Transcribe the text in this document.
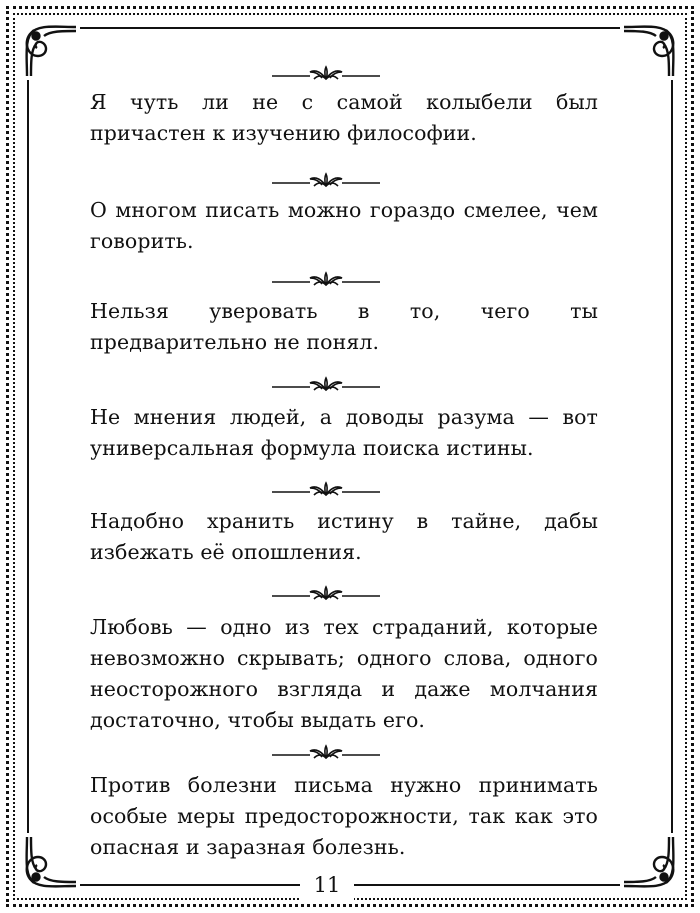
Я чуть ли не с самой колыбели был причастен к изучению философии.
О многом писать можно гораздо смелее, чем говорить.
Нельзя уверовать в то, чего ты предварительно не понял.
Не мнения людей, а доводы разума — вот универсальная формула поиска истины.
Надобно хранить истину в тайне, дабы избежать её опошления.
Любовь — одно из тех страданий, которые невозможно скрывать; одного слова, одного неосторожного взгляда и даже молчания достаточно, чтобы выдать его.
Против болезни письма нужно принимать особые меры предосторожности, так как это опасная и заразная болезнь.
11
